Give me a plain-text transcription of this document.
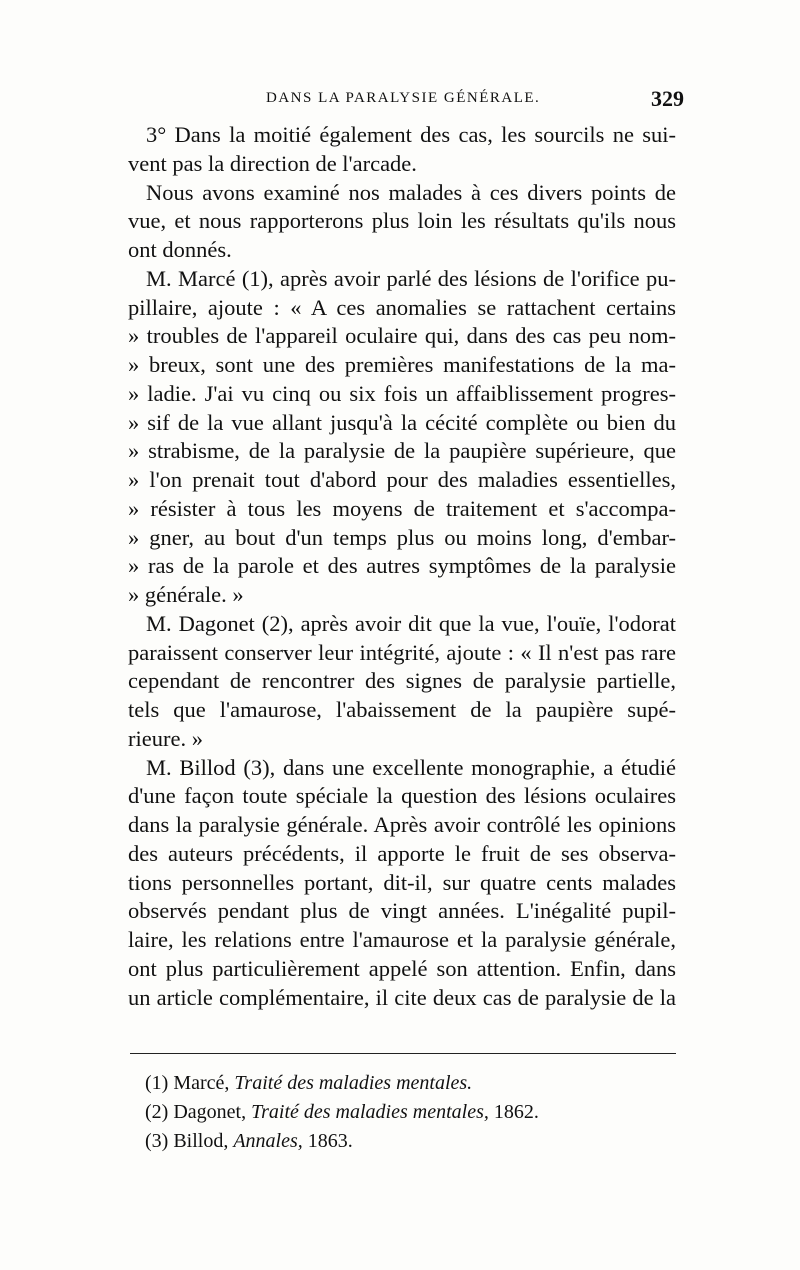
DANS LA PARALYSIE GÉNÉRALE.	329
3° Dans la moitié également des cas, les sourcils ne sui-
vent pas la direction de l'arcade.
Nous avons examiné nos malades à ces divers points de
vue, et nous rapporterons plus loin les résultats qu'ils nous
ont donnés.
M. Marcé (1), après avoir parlé des lésions de l'orifice pu-
pillaire, ajoute : « A ces anomalies se rattachent certains
» troubles de l'appareil oculaire qui, dans des cas peu nom-
» breux, sont une des premières manifestations de la ma-
» ladie. J'ai vu cinq ou six fois un affaiblissement progres-
» sif de la vue allant jusqu'à la cécité complète ou bien du
» strabisme, de la paralysie de la paupière supérieure, que
» l'on prenait tout d'abord pour des maladies essentielles,
» résister à tous les moyens de traitement et s'accompa-
» gner, au bout d'un temps plus ou moins long, d'embar-
» ras de la parole et des autres symptômes de la paralysie
» générale. »
M. Dagonet (2), après avoir dit que la vue, l'ouïe, l'odorat
paraissent conserver leur intégrité, ajoute : « Il n'est pas rare
cependant de rencontrer des signes de paralysie partielle,
tels que l'amaurose, l'abaissement de la paupière supé-
rieure. »
M. Billod (3), dans une excellente monographie, a étudié
d'une façon toute spéciale la question des lésions oculaires
dans la paralysie générale. Après avoir contrôlé les opinions
des auteurs précédents, il apporte le fruit de ses observa-
tions personnelles portant, dit-il, sur quatre cents malades
observés pendant plus de vingt années. L'inégalité pupil-
laire, les relations entre l'amaurose et la paralysie générale,
ont plus particulièrement appelé son attention. Enfin, dans
un article complémentaire, il cite deux cas de paralysie de la
(1) Marcé, Traité des maladies mentales.
(2) Dagonet, Traité des maladies mentales, 1862.
(3) Billod, Annales, 1863.
